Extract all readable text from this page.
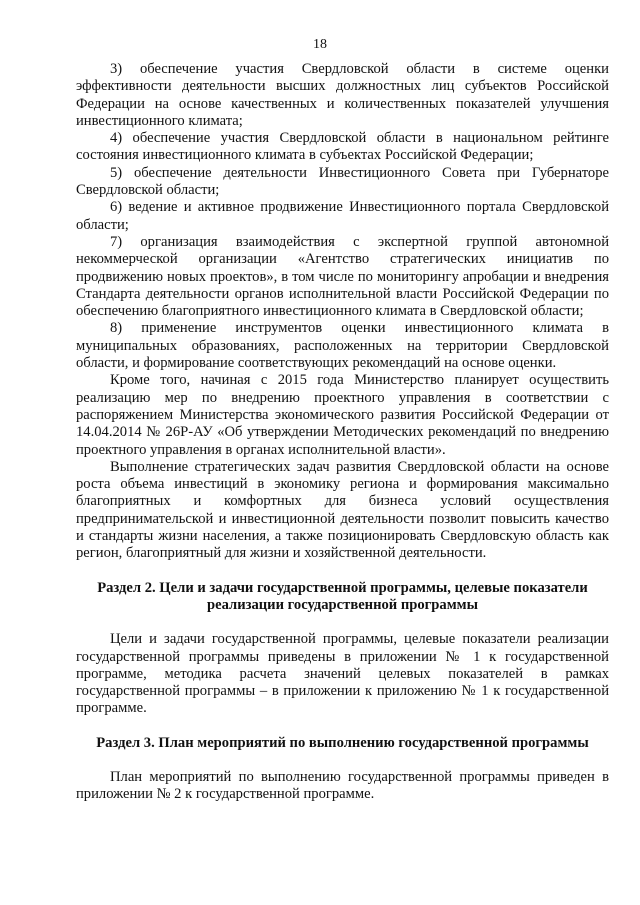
18

3) обеспечение участия Свердловской области в системе оценки эффективности деятельности высших должностных лиц субъектов Российской Федерации на основе качественных и количественных показателей улучшения инвестиционного климата;

4) обеспечение участия Свердловской области в национальном рейтинге состояния инвестиционного климата в субъектах Российской Федерации;

5) обеспечение деятельности Инвестиционного Совета при Губернаторе Свердловской области;

6) ведение и активное продвижение Инвестиционного портала Свердловской области;

7) организация взаимодействия с экспертной группой автономной некоммерческой организации «Агентство стратегических инициатив по продвижению новых проектов», в том числе по мониторингу апробации и внедрения Стандарта деятельности органов исполнительной власти Российской Федерации по обеспечению благоприятного инвестиционного климата в Свердловской области;

8) применение инструментов оценки инвестиционного климата в муниципальных образованиях, расположенных на территории Свердловской области, и формирование соответствующих рекомендаций на основе оценки.

Кроме того, начиная с 2015 года Министерство планирует осуществить реализацию мер по внедрению проектного управления в соответствии с распоряжением Министерства экономического развития Российской Федерации от 14.04.2014 № 26Р-АУ «Об утверждении Методических рекомендаций по внедрению проектного управления в органах исполнительной власти».

Выполнение стратегических задач развития Свердловской области на основе роста объема инвестиций в экономику региона и формирования максимально благоприятных и комфортных для бизнеса условий осуществления предпринимательской и инвестиционной деятельности позволит повысить качество и стандарты жизни населения, а также позиционировать Свердловскую область как регион, благоприятный для жизни и хозяйственной деятельности.

Раздел 2. Цели и задачи государственной программы, целевые показатели реализации государственной программы

Цели и задачи государственной программы, целевые показатели реализации государственной программы приведены в приложении № 1 к государственной программе, методика расчета значений целевых показателей в рамках государственной программы – в приложении к приложению № 1 к государственной программе.

Раздел 3. План мероприятий по выполнению государственной программы

План мероприятий по выполнению государственной программы приведен в приложении № 2 к государственной программе.
